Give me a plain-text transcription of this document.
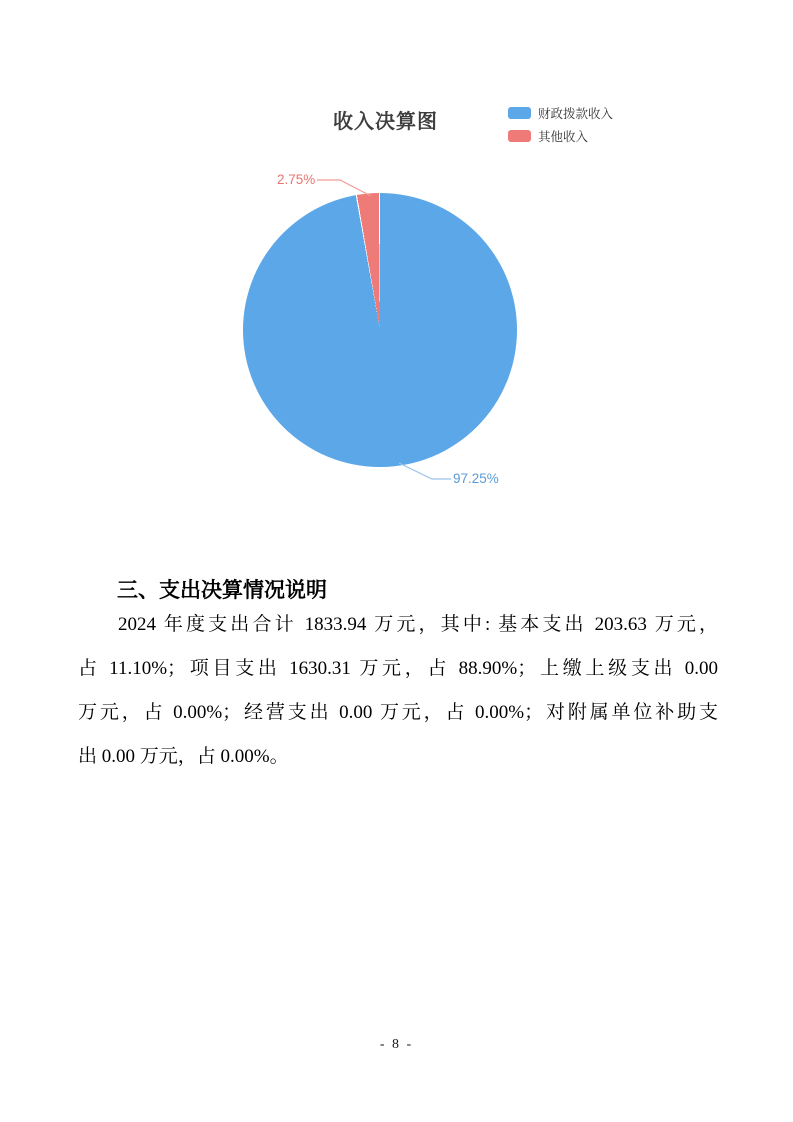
收入决算图	财政拨款收入
其他收入
2.75%
97.25%
三、支出决算情况说明
2024 年度支出合计 1833.94 万元，其中: 基本支出 203.63 万元，
占 11.10%；项目支出 1630.31 万元，占 88.90%；上缴上级支出 0.00
万元，占 0.00%；经营支出 0.00 万元，占 0.00%；对附属单位补助支
出 0.00 万元，占 0.00%。
- 8 -
